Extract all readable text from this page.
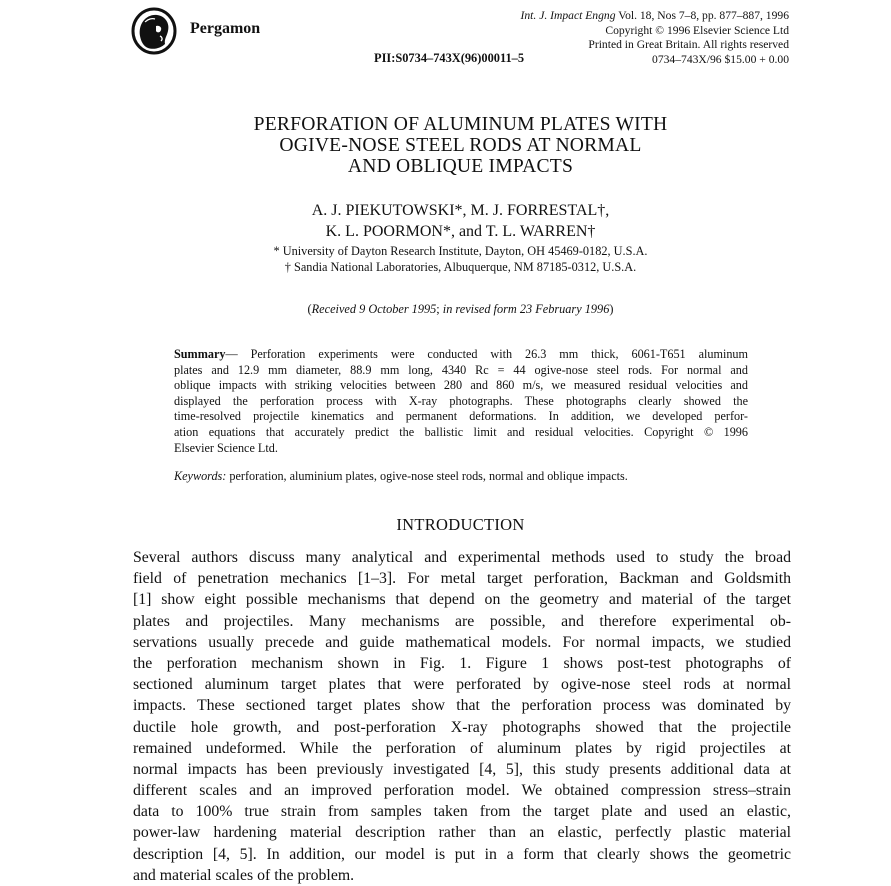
Pergamon
Int. J. Impact Engng Vol. 18, Nos 7–8, pp. 877–887, 1996
Copyright © 1996 Elsevier Science Ltd
Printed in Great Britain. All rights reserved
0734–743X/96 $15.00 + 0.00
PII:S0734–743X(96)00011–5
PERFORATION OF ALUMINUM PLATES WITH
OGIVE-NOSE STEEL RODS AT NORMAL
AND OBLIQUE IMPACTS
A. J. PIEKUTOWSKI*, M. J. FORRESTAL†,
K. L. POORMON*, and T. L. WARREN†
* University of Dayton Research Institute, Dayton, OH 45469-0182, U.S.A.
† Sandia National Laboratories, Albuquerque, NM 87185-0312, U.S.A.
(Received 9 October 1995; in revised form 23 February 1996)
Summary— Perforation experiments were conducted with 26.3 mm thick, 6061-T651 aluminum
plates and 12.9 mm diameter, 88.9 mm long, 4340 Rc = 44 ogive-nose steel rods. For normal and
oblique impacts with striking velocities between 280 and 860 m/s, we measured residual velocities and
displayed the perforation process with X-ray photographs. These photographs clearly showed the
time-resolved projectile kinematics and permanent deformations. In addition, we developed perfor-
ation equations that accurately predict the ballistic limit and residual velocities. Copyright © 1996
Elsevier Science Ltd.
Keywords: perforation, aluminium plates, ogive-nose steel rods, normal and oblique impacts.
INTRODUCTION
Several authors discuss many analytical and experimental methods used to study the broad
field of penetration mechanics [1–3]. For metal target perforation, Backman and Goldsmith
[1] show eight possible mechanisms that depend on the geometry and material of the target
plates and projectiles. Many mechanisms are possible, and therefore experimental ob-
servations usually precede and guide mathematical models. For normal impacts, we studied
the perforation mechanism shown in Fig. 1. Figure 1 shows post-test photographs of
sectioned aluminum target plates that were perforated by ogive-nose steel rods at normal
impacts. These sectioned target plates show that the perforation process was dominated by
ductile hole growth, and post-perforation X-ray photographs showed that the projectile
remained undeformed. While the perforation of aluminum plates by rigid projectiles at
normal impacts has been previously investigated [4, 5], this study presents additional data at
different scales and an improved perforation model. We obtained compression stress–strain
data to 100% true strain from samples taken from the target plate and used an elastic,
power-law hardening material description rather than an elastic, perfectly plastic material
description [4, 5]. In addition, our model is put in a form that clearly shows the geometric
and material scales of the problem.
